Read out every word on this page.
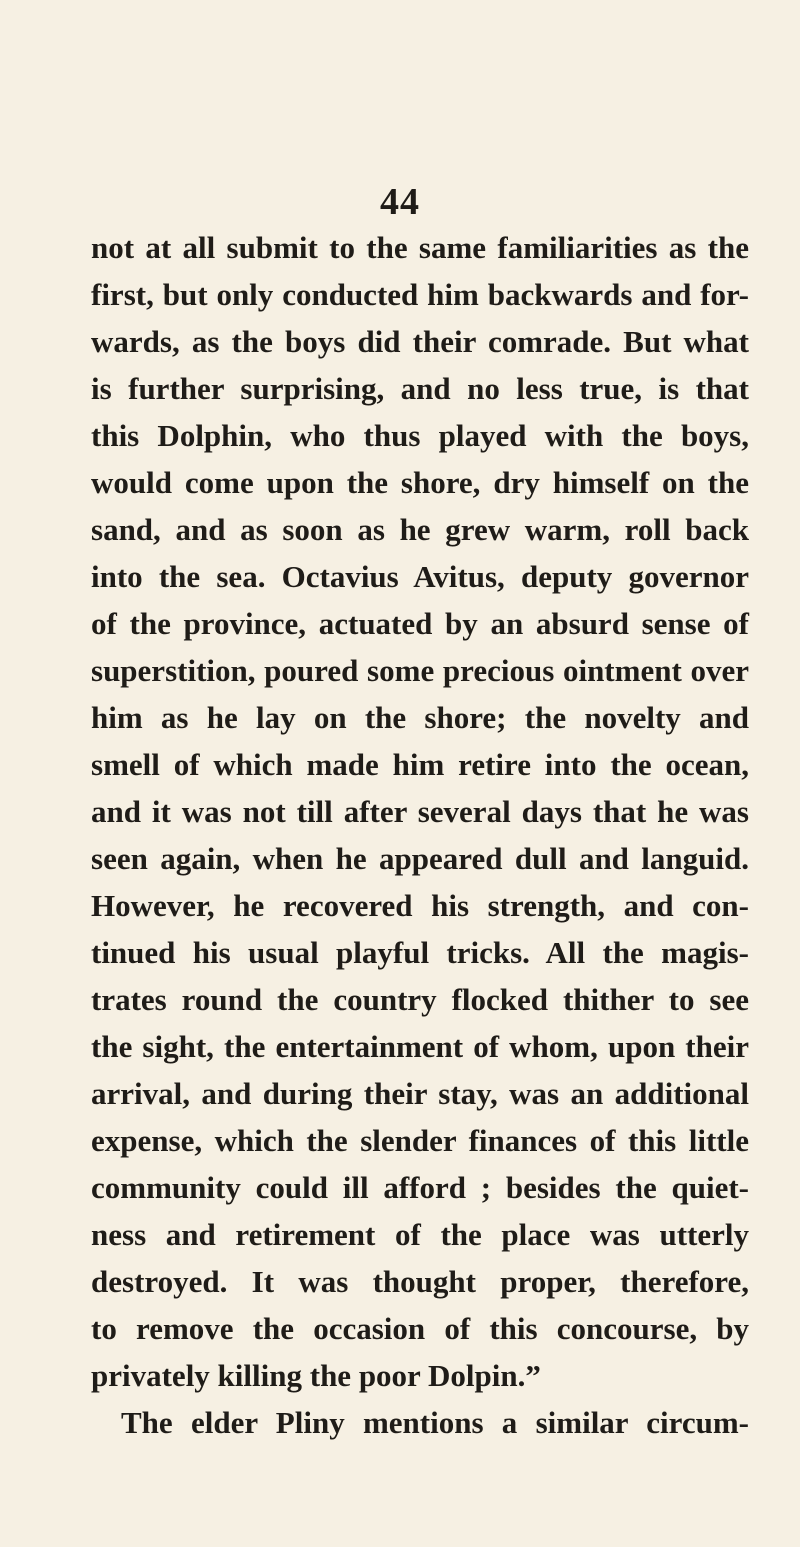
44
not at all submit to the same familiarities as the
first, but only conducted him backwards and for-
wards, as the boys did their comrade. But what
is further surprising, and no less true, is that
this Dolphin, who thus played with the boys,
would come upon the shore, dry himself on the
sand, and as soon as he grew warm, roll back
into the sea. Octavius Avitus, deputy governor
of the province, actuated by an absurd sense of
superstition, poured some precious ointment over
him as he lay on the shore; the novelty and
smell of which made him retire into the ocean,
and it was not till after several days that he was
seen again, when he appeared dull and languid.
However, he recovered his strength, and con-
tinued his usual playful tricks. All the magis-
trates round the country flocked thither to see
the sight, the entertainment of whom, upon their
arrival, and during their stay, was an additional
expense, which the slender finances of this little
community could ill afford ; besides the quiet-
ness and retirement of the place was utterly
destroyed. It was thought proper, therefore,
to remove the occasion of this concourse, by
privately killing the poor Dolpin.”
The elder Pliny mentions a similar circum-
